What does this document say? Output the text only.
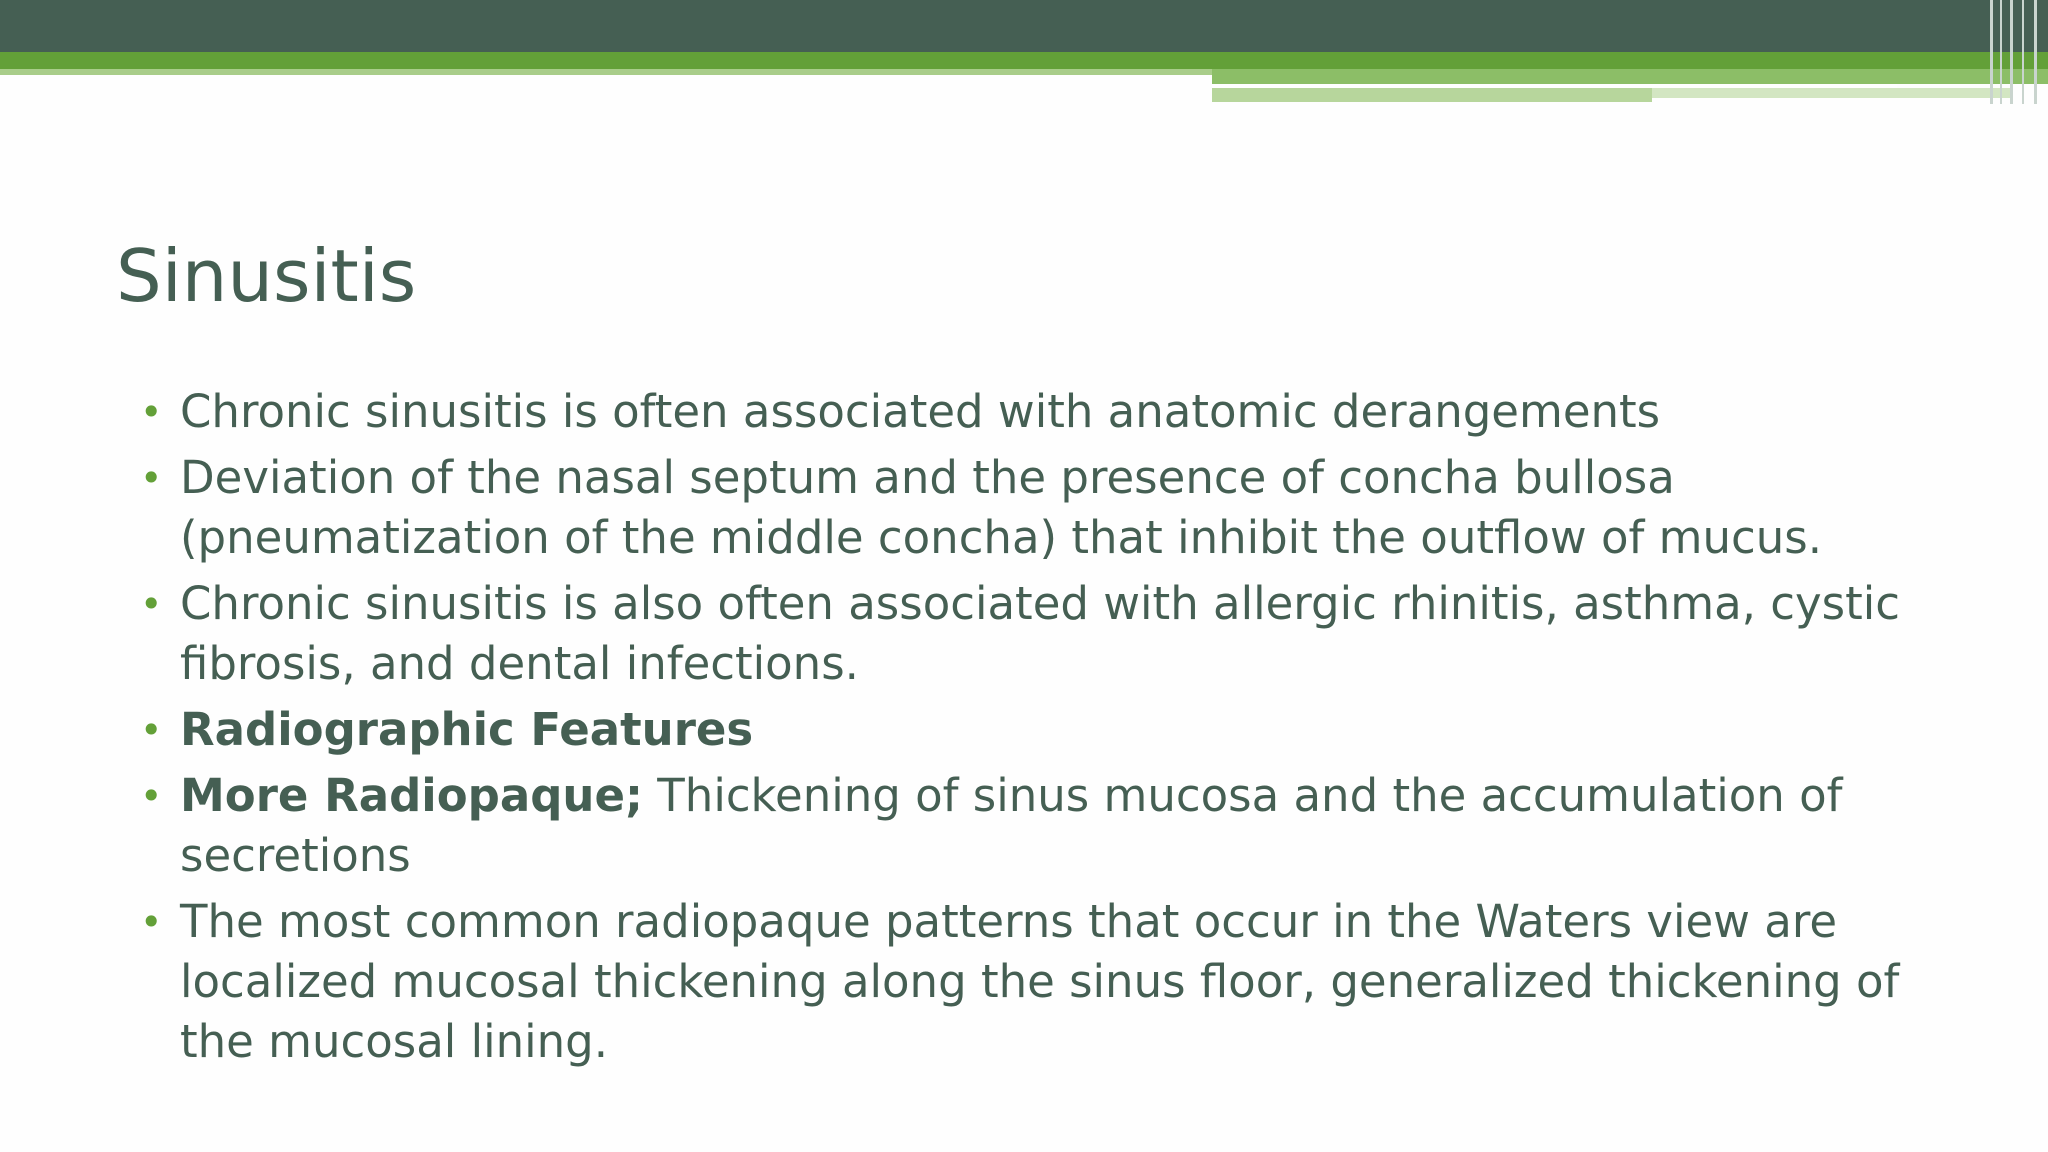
Sinusitis
• Chronic sinusitis is often associated with anatomic derangements
• Deviation of the nasal septum and the presence of concha bullosa (pneumatization of the middle concha) that inhibit the outflow of mucus.
• Chronic sinusitis is also often associated with allergic rhinitis, asthma, cystic fibrosis, and dental infections.
• Radiographic Features
• More Radiopaque; Thickening of sinus mucosa and the accumulation of secretions
• The most common radiopaque patterns that occur in the Waters view are localized mucosal thickening along the sinus floor, generalized thickening of the mucosal lining.
